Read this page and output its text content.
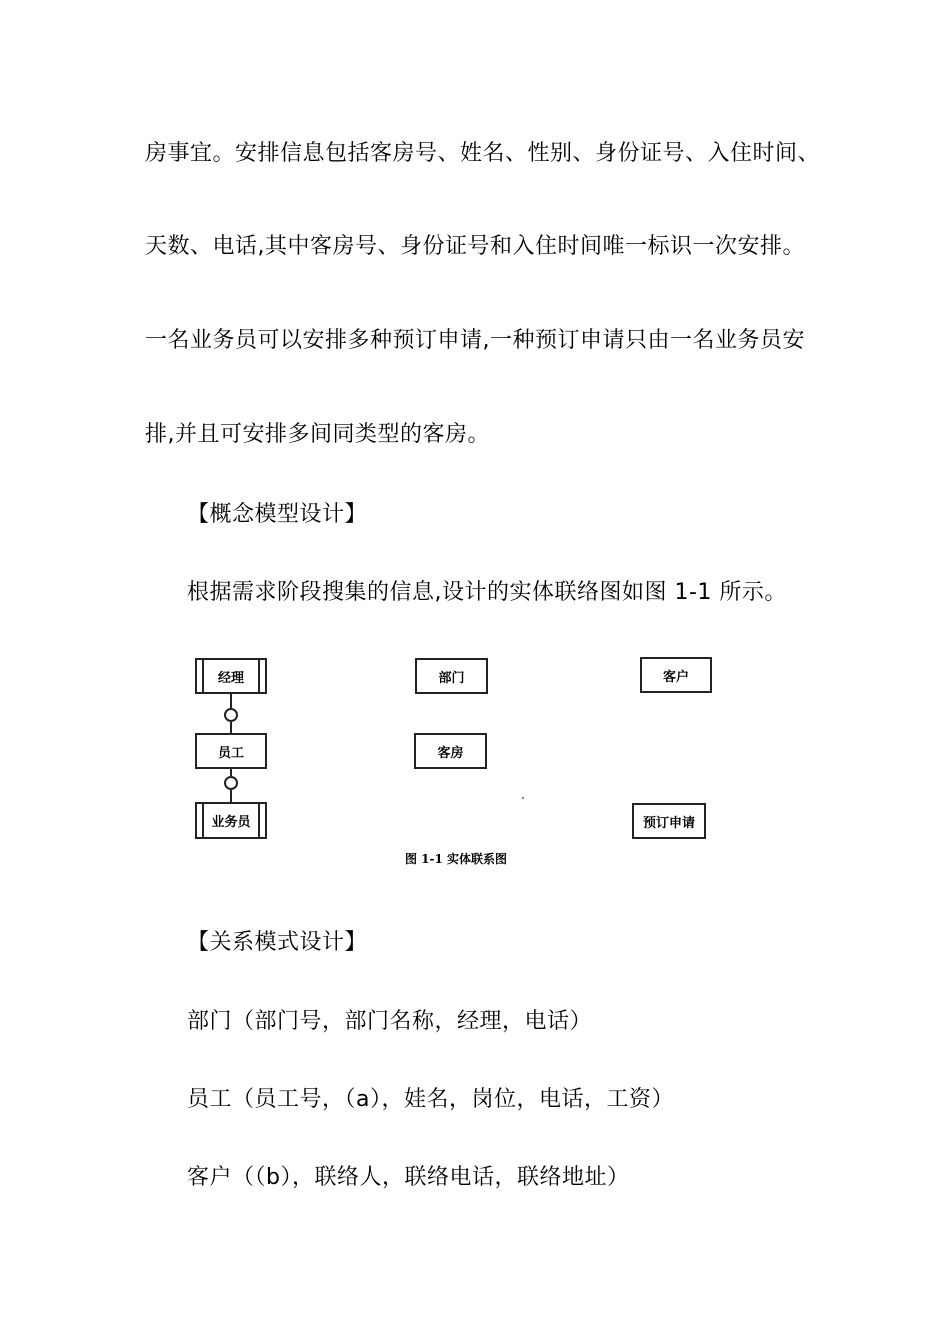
房事宜。安排信息包括客房号、姓名、性别、身份证号、入住时间、
天数、电话,其中客房号、身份证号和入住时间唯一标识一次安排。
一名业务员可以安排多种预订申请,一种预订申请只由一名业务员安
排,并且可安排多间同类型的客房。
【概念模型设计】
根据需求阶段搜集的信息,设计的实体联络图如图 1-1 所示。
经理
员工
业务员
部门
客房
客户
预订申请
图 1-1 实体联系图
【关系模式设计】
部门（部门号，部门名称，经理，电话）
员工（员工号，（a），娃名，岗位，电话，工资）
客户（（b），联络人，联络电话，联络地址）
